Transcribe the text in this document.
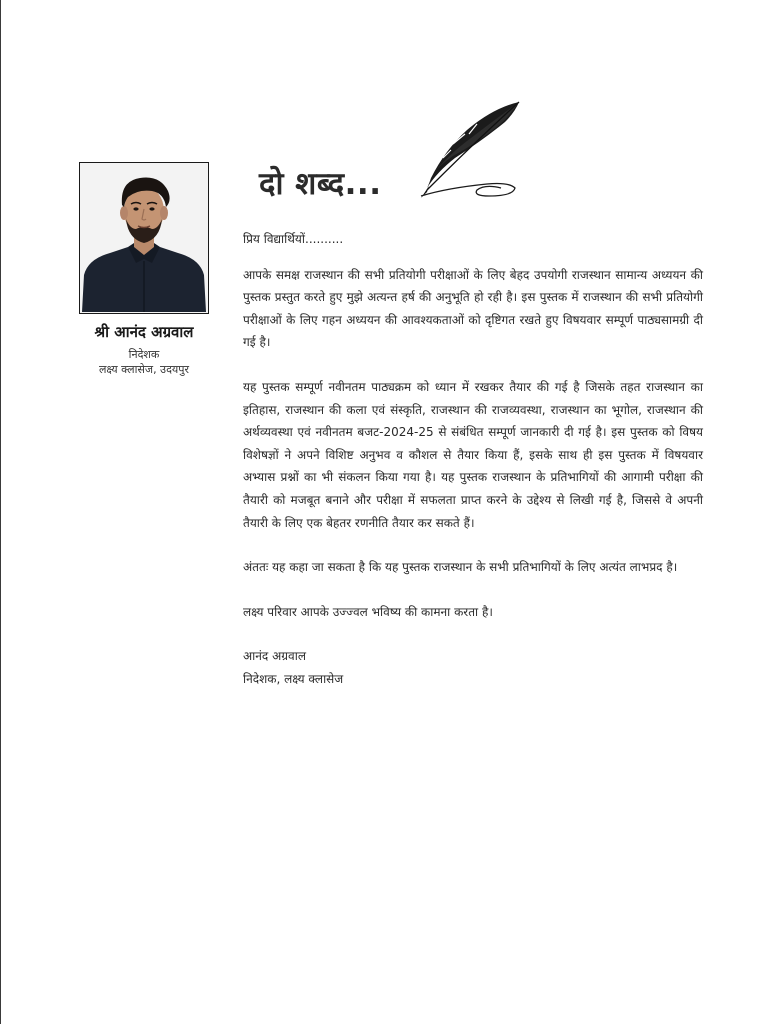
श्री आनंद अग्रवाल
निदेशक
लक्ष्य क्लासेज, उदयपुर
दो शब्द...

प्रिय विद्यार्थियों..........

आपके समक्ष राजस्थान की सभी प्रतियोगी परीक्षाओं के लिए बेहद उपयोगी राजस्थान सामान्य अध्ययन की पुस्तक प्रस्तुत करते हुए मुझे अत्यन्त हर्ष की अनुभूति हो रही है। इस पुस्तक में राजस्थान की सभी प्रतियोगी परीक्षाओं के लिए गहन अध्ययन की आवश्यकताओं को दृष्टिगत रखते हुए विषयवार सम्पूर्ण पाठ्यसामग्री दी गई है।

यह पुस्तक सम्पूर्ण नवीनतम पाठ्यक्रम को ध्यान में रखकर तैयार की गई है जिसके तहत राजस्थान का इतिहास, राजस्थान की कला एवं संस्कृति, राजस्थान की राजव्यवस्था, राजस्थान का भूगोल, राजस्थान की अर्थव्यवस्था एवं नवीनतम बजट-2024-25 से संबंधित सम्पूर्ण जानकारी दी गई है। इस पुस्तक को विषय विशेषज्ञों ने अपने विशिष्ट अनुभव व कौशल से तैयार किया हैं, इसके साथ ही इस पुस्तक में विषयवार अभ्यास प्रश्नों का भी संकलन किया गया है। यह पुस्तक राजस्थान के प्रतिभागियों की आगामी परीक्षा की तैयारी को मजबूत बनाने और परीक्षा में सफलता प्राप्त करने के उद्देश्य से लिखी गई है, जिससे वे अपनी तैयारी के लिए एक बेहतर रणनीति तैयार कर सकते हैं।

अंततः यह कहा जा सकता है कि यह पुस्तक राजस्थान के सभी प्रतिभागियों के लिए अत्यंत लाभप्रद है।

लक्ष्य परिवार आपके उज्ज्वल भविष्य की कामना करता है।

आनंद अग्रवाल

निदेशक, लक्ष्य क्लासेज
